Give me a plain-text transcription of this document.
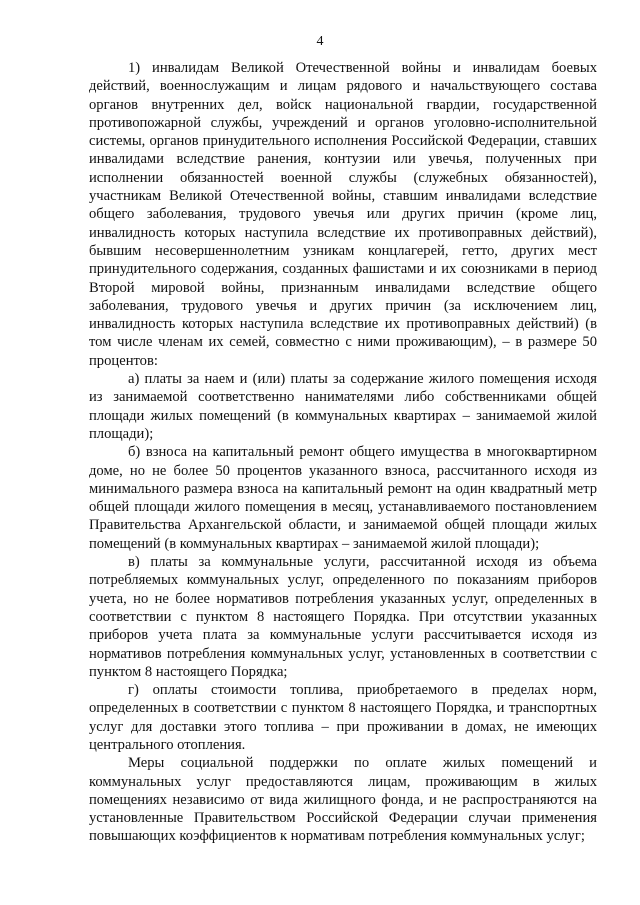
4

1) инвалидам Великой Отечественной войны и инвалидам боевых действий, военнослужащим и лицам рядового и начальствующего состава органов внутренних дел, войск национальной гвардии, государственной противопожарной службы, учреждений и органов уголовно-исполнительной системы, органов принудительного исполнения Российской Федерации, ставших инвалидами вследствие ранения, контузии или увечья, полученных при исполнении обязанностей военной службы (служебных обязанностей), участникам Великой Отечественной войны, ставшим инвалидами вследствие общего заболевания, трудового увечья или других причин (кроме лиц, инвалидность которых наступила вследствие их противоправных действий), бывшим несовершеннолетним узникам концлагерей, гетто, других мест принудительного содержания, созданных фашистами и их союзниками в период Второй мировой войны, признанным инвалидами вследствие общего заболевания, трудового увечья и других причин (за исключением лиц, инвалидность которых наступила вследствие их противоправных действий) (в том числе членам их семей, совместно с ними проживающим), – в размере 50 процентов:

а) платы за наем и (или) платы за содержание жилого помещения исходя из занимаемой соответственно нанимателями либо собственниками общей площади жилых помещений (в коммунальных квартирах – занимаемой жилой площади);

б) взноса на капитальный ремонт общего имущества в многоквартирном доме, но не более 50 процентов указанного взноса, рассчитанного исходя из минимального размера взноса на капитальный ремонт на один квадратный метр общей площади жилого помещения в месяц, устанавливаемого постановлением Правительства Архангельской области, и занимаемой общей площади жилых помещений (в коммунальных квартирах – занимаемой жилой площади);

в) платы за коммунальные услуги, рассчитанной исходя из объема потребляемых коммунальных услуг, определенного по показаниям приборов учета, но не более нормативов потребления указанных услуг, определенных в соответствии с пунктом 8 настоящего Порядка. При отсутствии указанных приборов учета плата за коммунальные услуги рассчитывается исходя из нормативов потребления коммунальных услуг, установленных в соответствии с пунктом 8 настоящего Порядка;

г) оплаты стоимости топлива, приобретаемого в пределах норм, определенных в соответствии с пунктом 8 настоящего Порядка, и транспортных услуг для доставки этого топлива – при проживании в домах, не имеющих центрального отопления.

Меры социальной поддержки по оплате жилых помещений и коммунальных услуг предоставляются лицам, проживающим в жилых помещениях независимо от вида жилищного фонда, и не распространяются на установленные Правительством Российской Федерации случаи применения повышающих коэффициентов к нормативам потребления коммунальных услуг;
